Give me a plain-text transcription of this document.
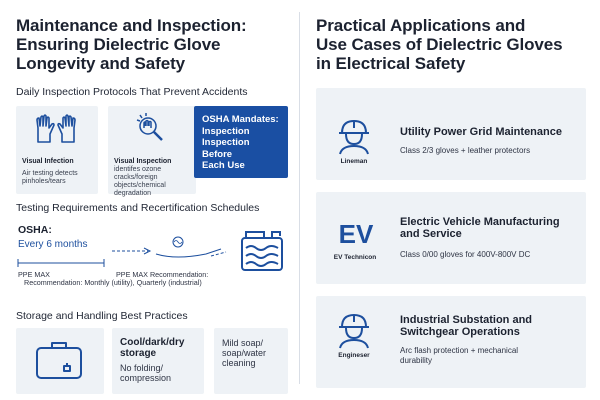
Maintenance and Inspection:
Ensuring Dielectric Glove
Longevity and Safety
Daily Inspection Protocols That Prevent Accidents
Visual Infection
Air testing detects
pinholes/tears
Visual Inspection
identifes ozone
cracks/foreign
objects/chemical
degradation
OSHA Mandates:
Inspection
Inspection Before
Each Use
Testing Requirements and Recertification Schedules
OSHA:
Every 6 months
PPE MAX	PPE MAX Recommendation:
Recommendation: Monthly (utility), Quarterly (industrial)
Storage and Handling Best Practices
Cool/dark/dry
storage
No folding/
compression
Mild soap/
soap/water
cleaning
Practical Applications and
Use Cases of Dielectric Gloves
in Electrical Safety
Lineman
Utility Power Grid Maintenance
Class 2/3 gloves + leather protectors
EV
EV Technicon
Electric Vehicle Manufacturing
and Service
Class 0/00 gloves for 400V-800V DC
Engineser
Industrial Substation and
Switchgear Operations
Arc flash protection + mechanical
durability
